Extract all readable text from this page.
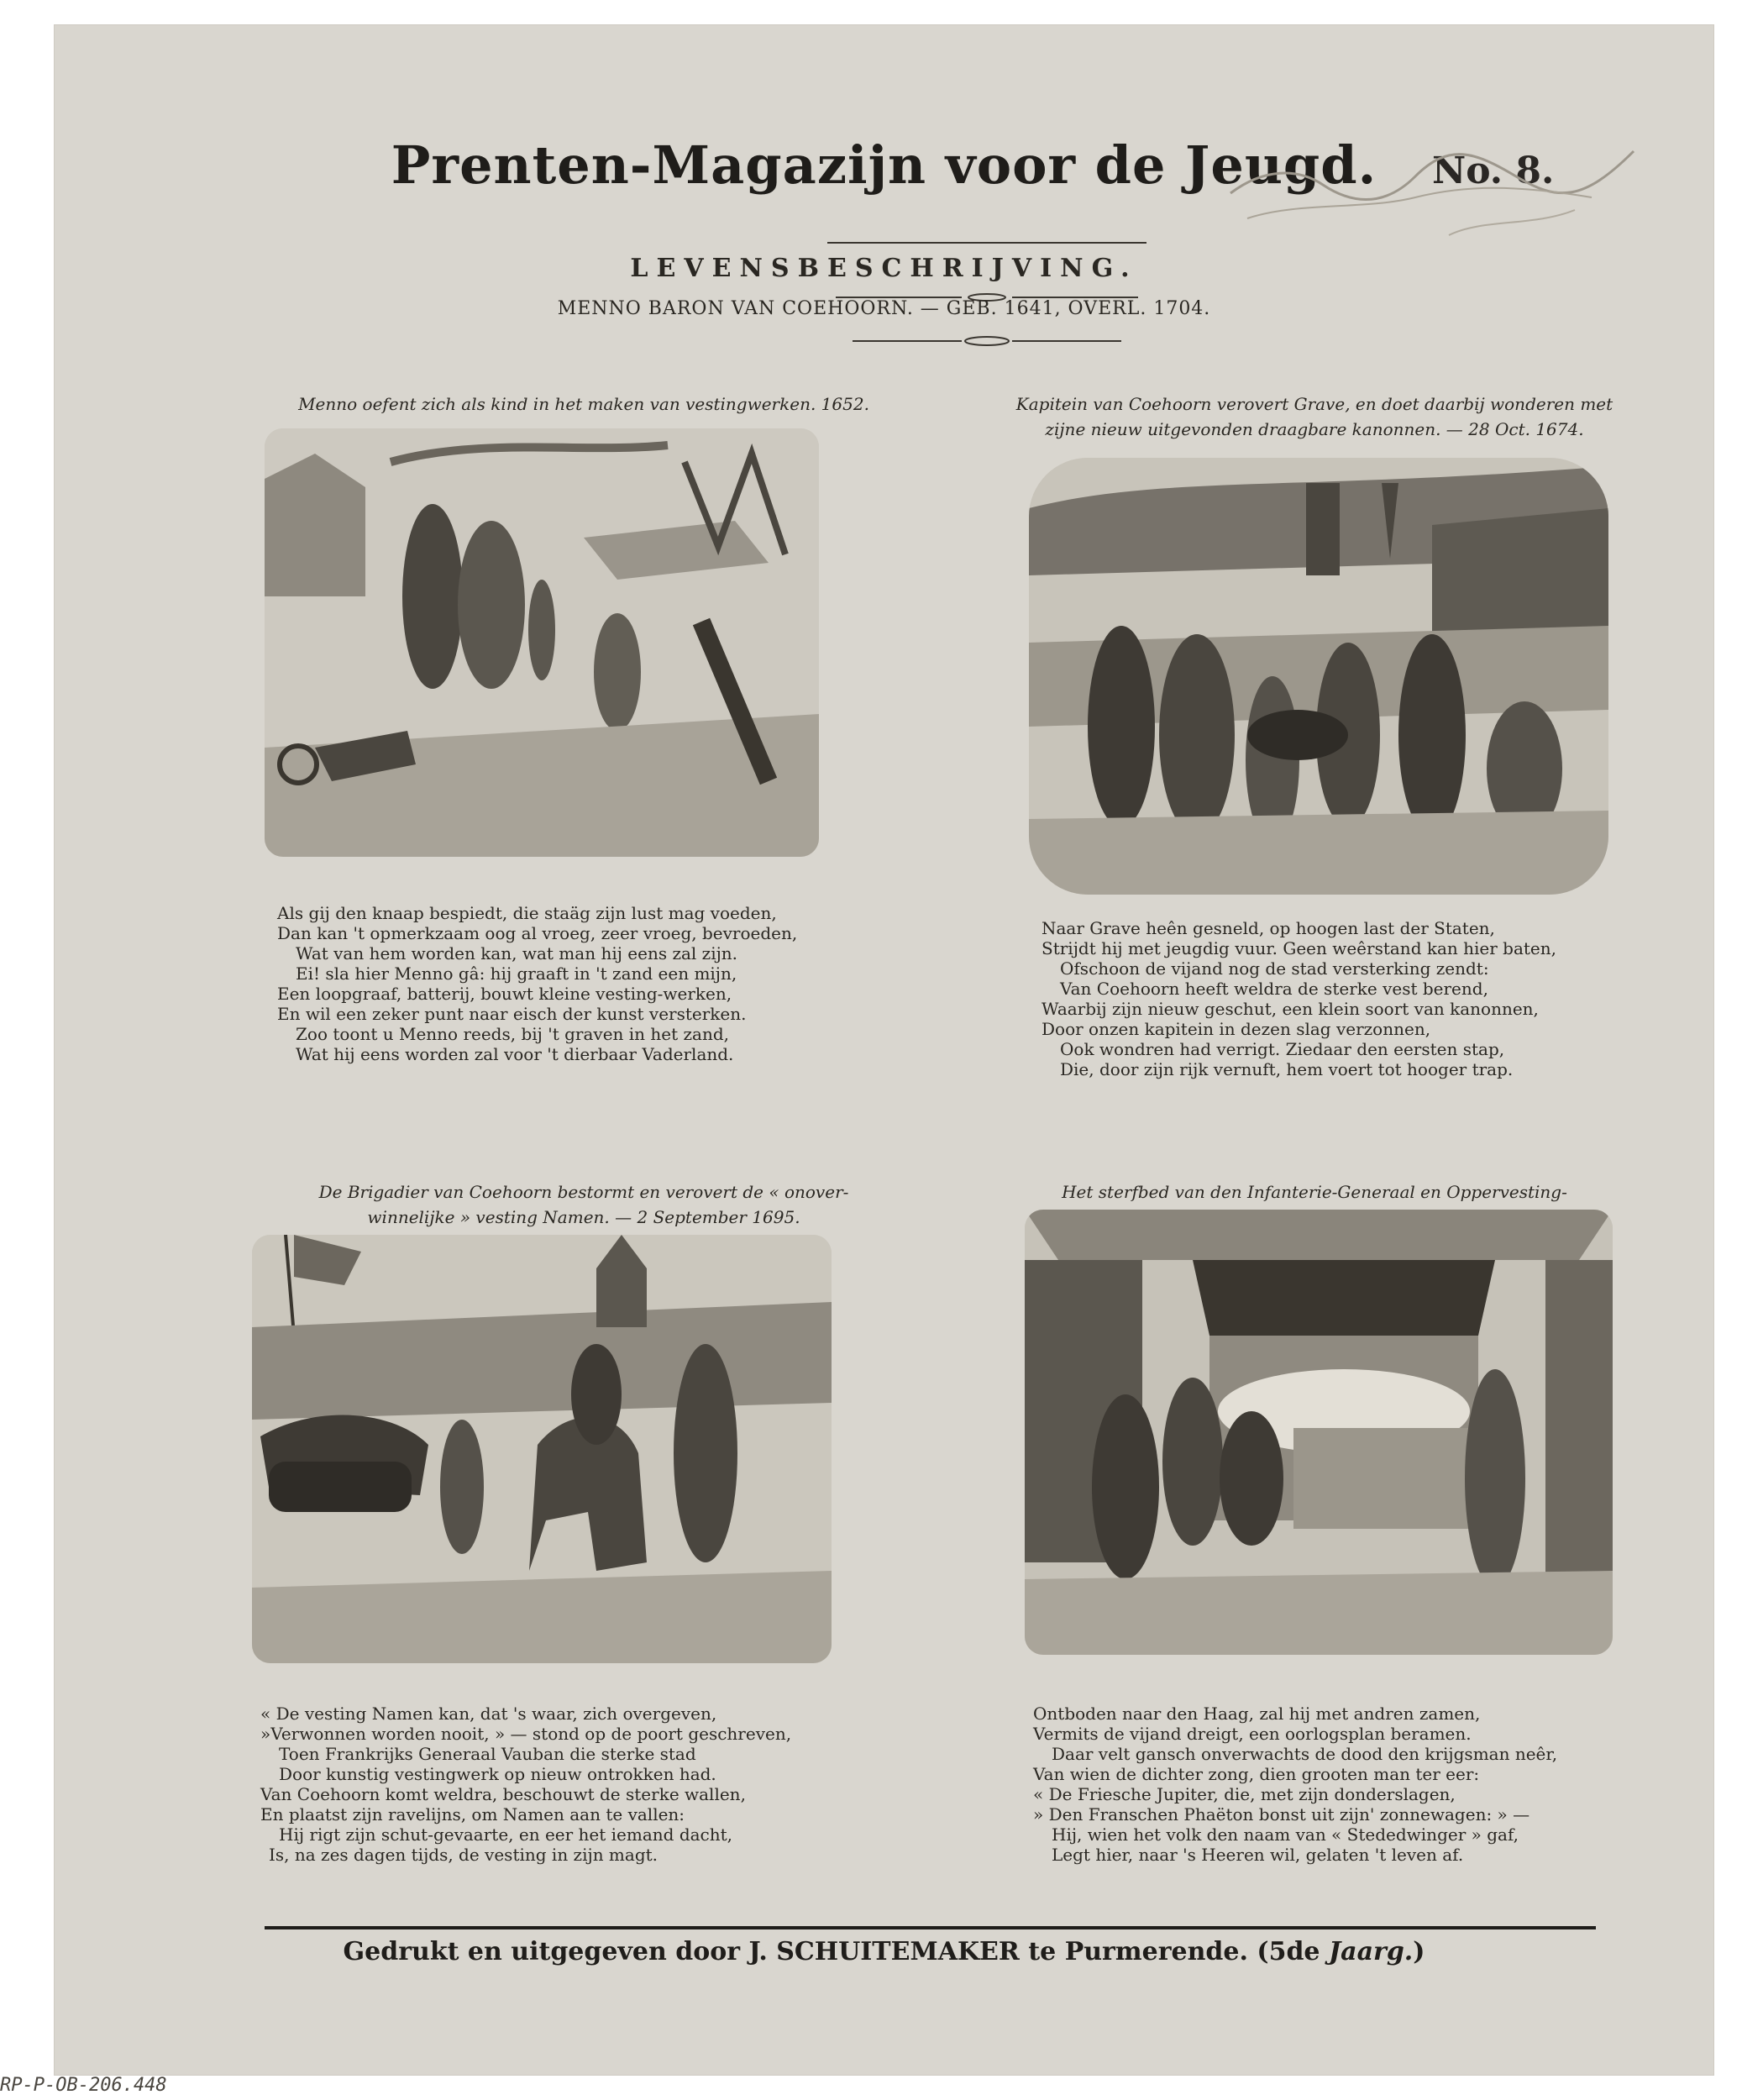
Prenten-Magazijn voor de Jeugd.	No. 8.
LEVENSBESCHRIJVING.
MENNO BARON VAN COEHOORN. — GEB. 1641, OVERL. 1704.
Menno oefent zich als kind in het maken van vestingwerken. 1652.
Als gij den knaap bespiedt, die staäg zijn lust mag voeden,
Dan kan 't opmerkzaam oog al vroeg, zeer vroeg, bevroeden,
Wat van hem worden kan, wat man hij eens zal zijn.
Ei! sla hier Menno gâ: hij graaft in 't zand een mijn,
Een loopgraaf, batterij, bouwt kleine vesting-werken,
En wil een zeker punt naar eisch der kunst versterken.
Zoo toont u Menno reeds, bij 't graven in het zand,
Wat hij eens worden zal voor 't dierbaar Vaderland.
Kapitein van Coehoorn verovert Grave, en doet daarbij wonderen met
zijne nieuw uitgevonden draagbare kanonnen. — 28 Oct. 1674.
Naar Grave heên gesneld, op hoogen last der Staten,
Strijdt hij met jeugdig vuur. Geen weêrstand kan hier baten,
Ofschoon de vijand nog de stad versterking zendt:
Van Coehoorn heeft weldra de sterke vest berend,
Waarbij zijn nieuw geschut, een klein soort van kanonnen,
Door onzen kapitein in dezen slag verzonnen,
Ook wondren had verrigt. Ziedaar den eersten stap,
Die, door zijn rijk vernuft, hem voert tot hooger trap.
De Brigadier van Coehoorn bestormt en verovert de « onover-
winnelijke » vesting Namen. — 2 September 1695.
« De vesting Namen kan, dat 's waar, zich overgeven,
»Verwonnen worden nooit, » — stond op de poort geschreven,
Toen Frankrijks Generaal Vauban die sterke stad
Door kunstig vestingwerk op nieuw ontrokken had.
Van Coehoorn komt weldra, beschouwt de sterke wallen,
En plaatst zijn ravelijns, om Namen aan te vallen:
Hij rigt zijn schut-gevaarte, en eer het iemand dacht,
Is, na zes dagen tijds, de vesting in zijn magt.
Het sterfbed van den Infanterie-Generaal en Oppervesting-
Ontboden naar den Haag, zal hij met andren zamen,
Vermits de vijand dreigt, een oorlogsplan beramen.
Daar velt gansch onverwachts de dood den krijgsman neêr,
Van wien de dichter zong, dien grooten man ter eer:
« De Friesche Jupiter, die, met zijn donderslagen,
» Den Franschen Phaëton bonst uit zijn' zonnewagen: » —
Hij, wien het volk den naam van « Stededwinger » gaf,
Legt hier, naar 's Heeren wil, gelaten 't leven af.
Gedrukt en uitgegeven door J. SCHUITEMAKER te Purmerende. (5de Jaarg.)
RP-P-OB-206.448
